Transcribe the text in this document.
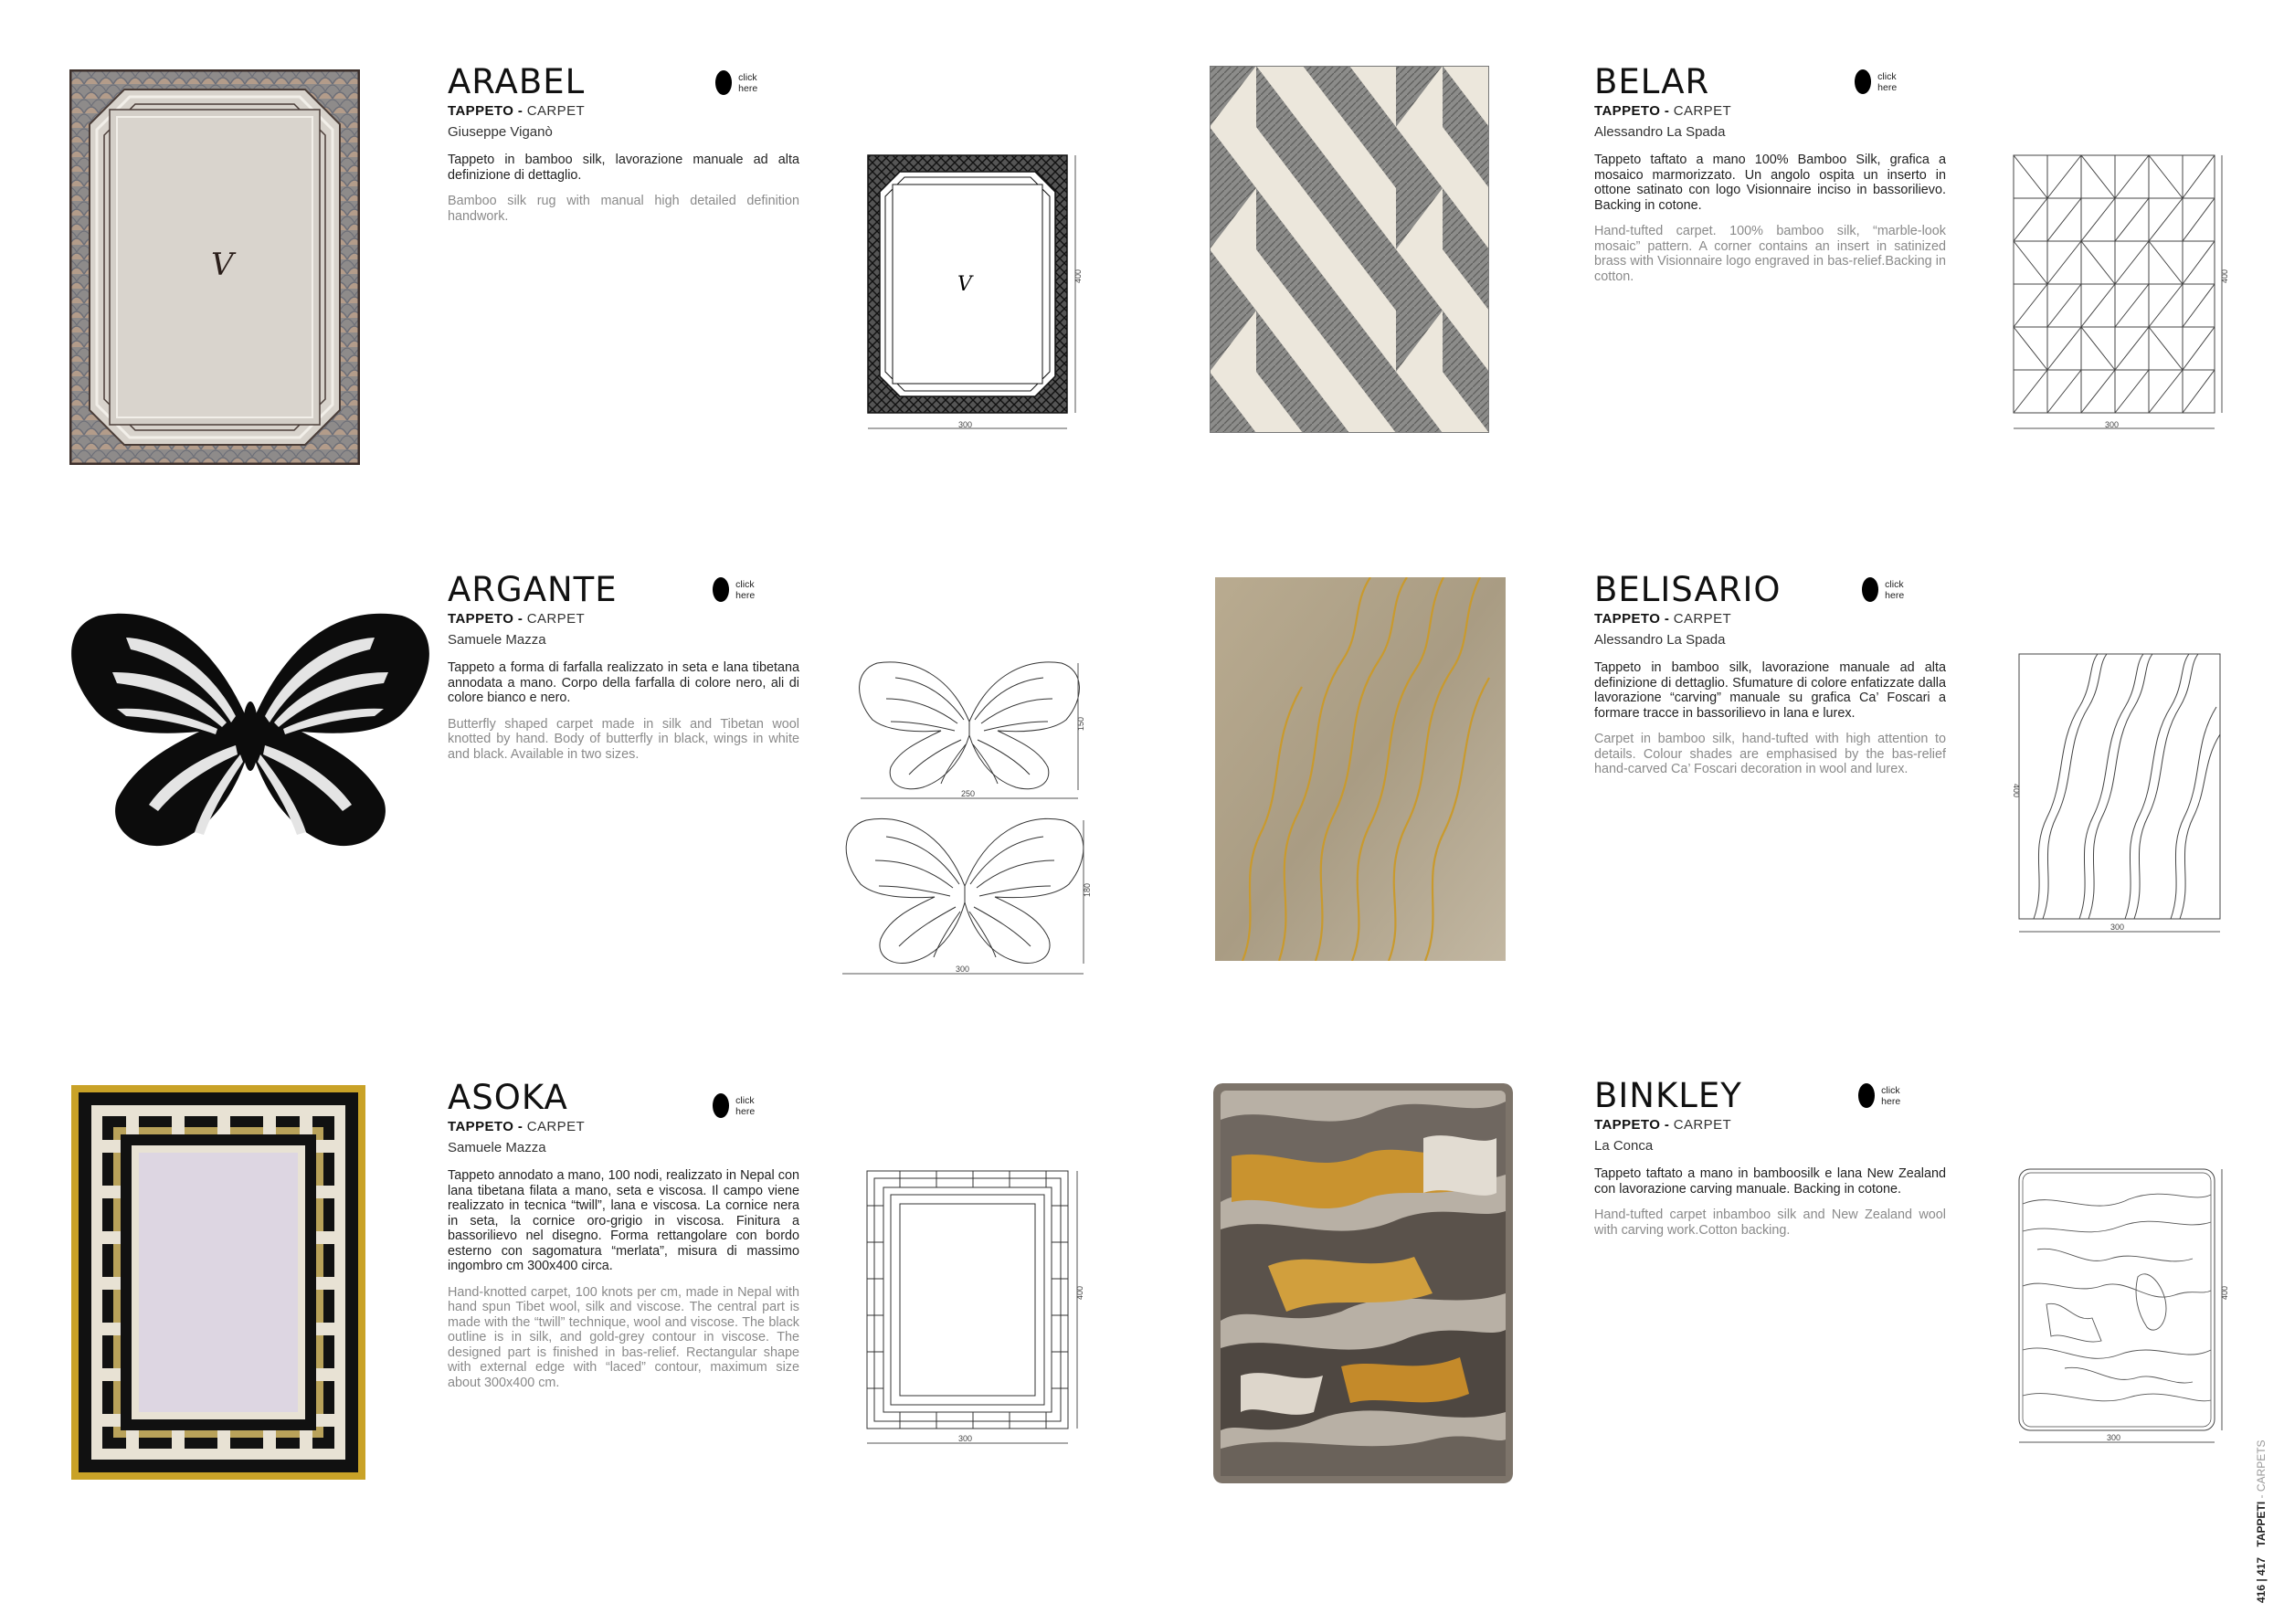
V
ARABEL
TAPPETO - CARPET
Giuseppe Viganò
Tappeto in bamboo silk, lavorazione manuale ad alta definizione di dettaglio.
Bamboo silk rug with manual high detailed definition handwork.
click here
V	400
300
ARGANTE
TAPPETO - CARPET
Samuele Mazza
Tappeto a forma di farfalla realizzato in seta e lana tibetana annodata a mano. Corpo della farfalla di colore nero, ali di colore bianco e nero.
Butterfly shaped carpet made in silk and Tibetan wool knotted by hand. Body of butterfly in black, wings in white and black. Available in two sizes.
click here
150
250
180
300
ASOKA
TAPPETO - CARPET
Samuele Mazza
Tappeto annodato a mano, 100 nodi, realizzato in Nepal con lana tibetana filata a mano, seta e viscosa. Il campo viene realizzato in tecnica “twill”, lana e viscosa. La cornice nera in seta, la cornice oro-grigio in viscosa. Finitura a bassorilievo nel disegno. Forma rettangolare con bordo esterno con sagomatura “merlata”, misura di massimo ingombro cm 300x400 circa.
Hand-knotted carpet, 100 knots per cm, made in Nepal with hand spun Tibet wool, silk and viscose. The central part is made with the “twill” technique, wool and viscose. The black outline is in silk, and gold-grey contour in viscose. The designed part is finished in bas-relief. Rectangular shape with external edge with “laced” contour, maximum size about 300x400 cm.
click here
400
300
BELAR
TAPPETO - CARPET
Alessandro La Spada
Tappeto taftato a mano 100% Bamboo Silk, grafica a mosaico marmorizzato. Un angolo ospita un inserto in ottone satinato con logo Visionnaire inciso in bassorilievo. Backing in cotone.
Hand-tufted carpet. 100% bamboo silk, “marble-look mosaic” pattern. A corner contains an insert in satinized brass with Visionnaire logo engraved in bas-relief.Backing in cotton.
click here
400
300
BELISARIO
TAPPETO - CARPET
Alessandro La Spada
Tappeto in bamboo silk, lavorazione manuale ad alta definizione di dettaglio. Sfumature di colore enfatizzate dalla lavorazione “carving” manuale su grafica Ca’ Foscari a formare tracce in bassorilievo in lana e lurex.
Carpet in bamboo silk, hand-tufted with high attention to details. Colour shades are emphasised by the bas-relief hand-carved Ca’ Foscari decoration in wool and lurex.
click here
400
300
BINKLEY
TAPPETO - CARPET
La Conca
Tappeto taftato a mano in bamboosilk e lana New Zealand con lavorazione carving manuale. Backing in cotone.
Hand-tufted carpet inbamboo silk and New Zealand wool with carving work.Cotton backing.
click here
400
300
416 | 417 TAPPETI - CARPETS
